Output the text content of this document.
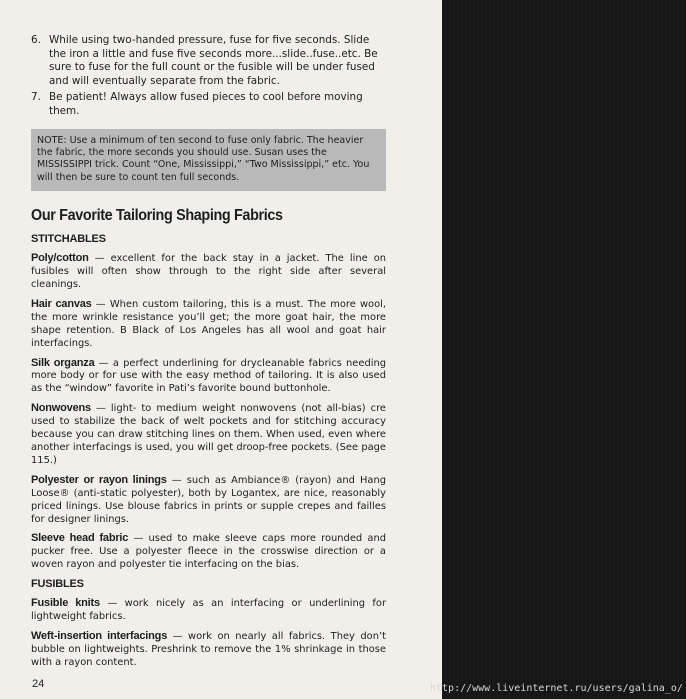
6. While using two-handed pressure, fuse for five seconds. Slide the iron a little and fuse five seconds more...slide..fuse..etc. Be sure to fuse for the full count or the fusible will be under fused and will eventually separate from the fabric.
7. Be patient! Always allow fused pieces to cool before moving them.
NOTE: Use a minimum of ten second to fuse only fabric. The heavier the fabric, the more seconds you should use. Susan uses the MISSISSIPPI trick. Count “One, Mississippi,” “Two Mississippi,” etc. You will then be sure to count ten full seconds.
Our Favorite Tailoring Shaping Fabrics
STITCHABLES
Poly/cotton — excellent for the back stay in a jacket. The line on fusibles will often show through to the right side after several cleanings.
Hair canvas — When custom tailoring, this is a must. The more wool, the more wrinkle resistance you’ll get; the more goat hair, the more shape retention. B Black of Los Angeles has all wool and goat hair interfacings.
Silk organza — a perfect underlining for drycleanable fabrics needing more body or for use with the easy method of tailoring. It is also used as the “window” favorite in Pati’s favorite bound buttonhole.
Nonwovens — light- to medium weight nonwovens (not all-bias) cre used to stabilize the back of welt pockets and for stitching accuracy because you can draw stitching lines on them. When used, even where another interfacings is used, you will get droop-free pockets. (See page 115.)
Polyester or rayon linings — such as Ambiance® (rayon) and Hang Loose® (anti-static polyester), both by Logantex, are nice, reasonably priced linings. Use blouse fabrics in prints or supple crepes and failles for designer linings.
Sleeve head fabric — used to make sleeve caps more rounded and pucker free. Use a polyester fleece in the crosswise direction or a woven rayon and polyester tie interfacing on the bias.
FUSIBLES
Fusible knits — work nicely as an interfacing or underlining for lightweight fabrics.
Weft-insertion interfacings — work on nearly all fabrics. They don’t bubble on lightweights. Preshrink to remove the 1% shrinkage in those with a rayon content.
24	http://www.liveinternet.ru/users/galina_o/
